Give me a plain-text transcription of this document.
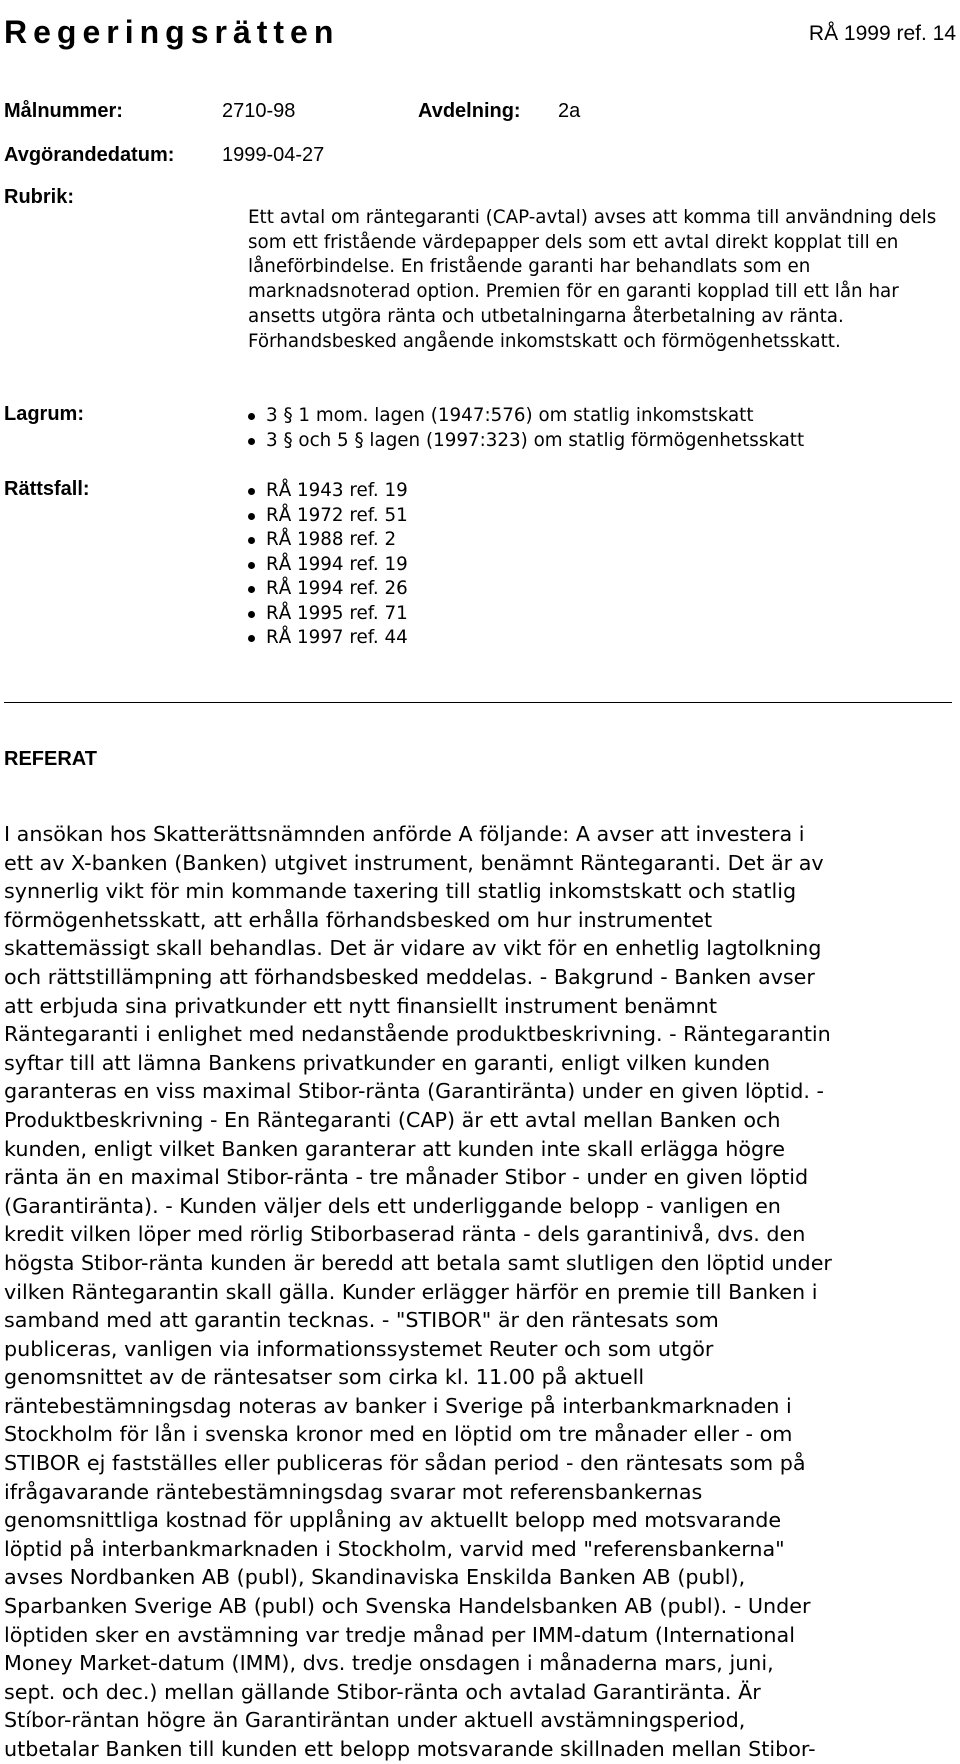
Regeringsrätten	RÅ 1999 ref. 14
Målnummer:	2710-98	Avdelning: 2a
Avgörandedatum: 1999-04-27
Rubrik:
Ett avtal om räntegaranti (CAP-avtal) avses att komma till användning dels som ett fristående värdepapper dels som ett avtal direkt kopplat till en låneförbindelse. En fristående garanti har behandlats som en marknadsnoterad option. Premien för en garanti kopplad till ett lån har ansetts utgöra ränta och utbetalningarna återbetalning av ränta. Förhandsbesked angående inkomstskatt och förmögenhetsskatt.
Lagrum:	3 § 1 mom. lagen (1947:576) om statlig inkomstskatt
3 § och 5 § lagen (1997:323) om statlig förmögenhetsskatt
Rättsfall:	RÅ 1943 ref. 19
RÅ 1972 ref. 51
RÅ 1988 ref. 2
RÅ 1994 ref. 19
RÅ 1994 ref. 26
RÅ 1995 ref. 71
RÅ 1997 ref. 44
REFERAT
I ansökan hos Skatterättsnämnden anförde A följande: A avser att investera i
ett av X-banken (Banken) utgivet instrument, benämnt Räntegaranti. Det är av
synnerlig vikt för min kommande taxering till statlig inkomstskatt och statlig
förmögenhetsskatt, att erhålla förhandsbesked om hur instrumentet
skattemässigt skall behandlas. Det är vidare av vikt för en enhetlig lagtolkning
och rättstillämpning att förhandsbesked meddelas. - Bakgrund - Banken avser
att erbjuda sina privatkunder ett nytt finansiellt instrument benämnt
Räntegaranti i enlighet med nedanstående produktbeskrivning. - Räntegarantin
syftar till att lämna Bankens privatkunder en garanti, enligt vilken kunden
garanteras en viss maximal Stibor-ränta (Garantiränta) under en given löptid. -
Produktbeskrivning - En Räntegaranti (CAP) är ett avtal mellan Banken och
kunden, enligt vilket Banken garanterar att kunden inte skall erlägga högre
ränta än en maximal Stibor-ränta - tre månader Stibor - under en given löptid
(Garantiränta). - Kunden väljer dels ett underliggande belopp - vanligen en
kredit vilken löper med rörlig Stiborbaserad ränta - dels garantinivå, dvs. den
högsta Stibor-ränta kunden är beredd att betala samt slutligen den löptid under
vilken Räntegarantin skall gälla. Kunder erlägger härför en premie till Banken i
samband med att garantin tecknas. - "STIBOR" är den räntesats som
publiceras, vanligen via informationssystemet Reuter och som utgör
genomsnittet av de räntesatser som cirka kl. 11.00 på aktuell
räntebestämningsdag noteras av banker i Sverige på interbankmarknaden i
Stockholm för lån i svenska kronor med en löptid om tre månader eller - om
STIBOR ej fastställes eller publiceras för sådan period - den räntesats som på
ifrågavarande räntebestämningsdag svarar mot referensbankernas
genomsnittliga kostnad för upplåning av aktuellt belopp med motsvarande
löptid på interbankmarknaden i Stockholm, varvid med "referensbankerna"
avses Nordbanken AB (publ), Skandinaviska Enskilda Banken AB (publ),
Sparbanken Sverige AB (publ) och Svenska Handelsbanken AB (publ). - Under
löptiden sker en avstämning var tredje månad per IMM-datum (International
Money Market-datum (IMM), dvs. tredje onsdagen i månaderna mars, juni,
sept. och dec.) mellan gällande Stibor-ränta och avtalad Garantiränta. Är
Stíbor-räntan högre än Garantiräntan under aktuell avstämningsperiod,
utbetalar Banken till kunden ett belopp motsvarande skillnaden mellan Stibor-
